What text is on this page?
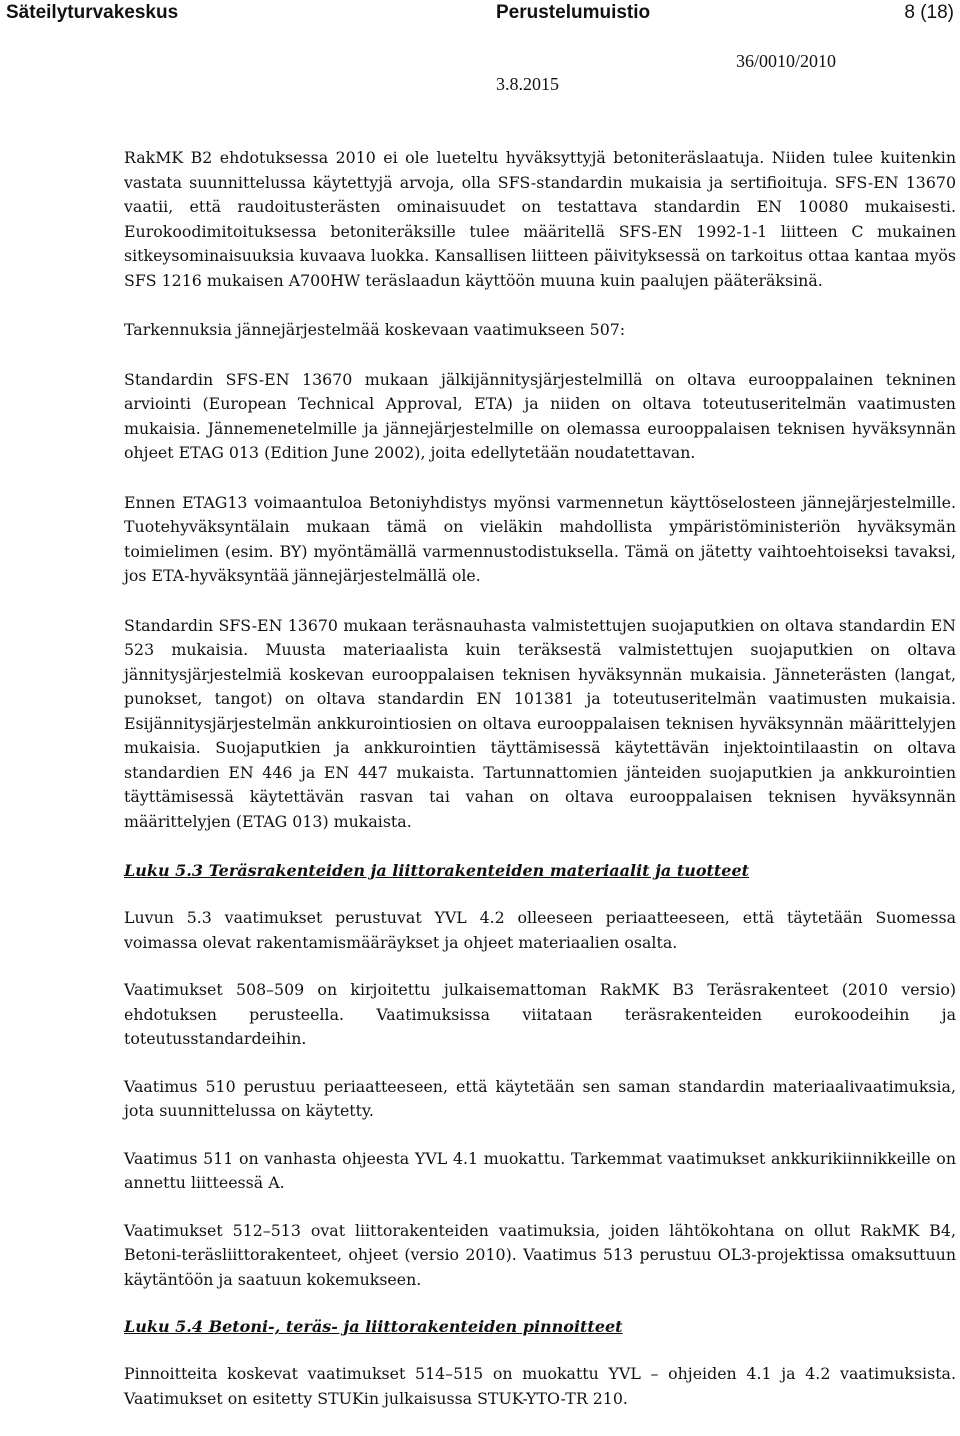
Säteilyturvakeskus	Perustelumuistio	8 (18)
36/0010/2010
3.8.2015

RakMK B2 ehdotuksessa 2010 ei ole lueteltu hyväksyttyjä betoniteräslaatuja. Niiden tulee kuitenkin vastata suunnittelussa käytettyjä arvoja, olla SFS-standardin mukaisia ja sertifioituja. SFS-EN 13670 vaatii, että raudoitusterästen ominaisuudet on testattava standardin EN 10080 mukaisesti. Eurokoodimitoituksessa betoniteräksille tulee määritellä SFS-EN 1992-1-1 liitteen C mukainen sitkeysominaisuuksia kuvaava luokka. Kansallisen liitteen päivityksessä on tarkoitus ottaa kantaa myös SFS 1216 mukaisen A700HW teräslaadun käyttöön muuna kuin paalujen pääteräksinä.

Tarkennuksia jännejärjestelmää koskevaan vaatimukseen 507:

Standardin SFS-EN 13670 mukaan jälkijännitysjärjestelmillä on oltava eurooppalainen tekninen arviointi (European Technical Approval, ETA) ja niiden on oltava toteutuseritelmän vaatimusten mukaisia. Jännemenetelmille ja jännejärjestelmille on olemassa eurooppalaisen teknisen hyväksynnän ohjeet ETAG 013 (Edition June 2002), joita edellytetään noudatettavan.

Ennen ETAG13 voimaantuloa Betoniyhdistys myönsi varmennetun käyttöselosteen jännejärjestelmille. Tuotehyväksyntälain mukaan tämä on vieläkin mahdollista ympäristöministeriön hyväksymän toimielimen (esim. BY) myöntämällä varmennustodistuksella. Tämä on jätetty vaihtoehtoiseksi tavaksi, jos ETA-hyväksyntää jännejärjestelmällä ole.

Standardin SFS-EN 13670 mukaan teräsnauhasta valmistettujen suojaputkien on oltava standardin EN 523 mukaisia. Muusta materiaalista kuin teräksestä valmistettujen suojaputkien on oltava jännitysjärjestelmiä koskevan eurooppalaisen teknisen hyväksynnän mukaisia. Jänneterästen (langat, punokset, tangot) on oltava standardin EN 101381 ja toteutuseritelmän vaatimusten mukaisia. Esijännitysjärjestelmän ankkurointiosien on oltava eurooppalaisen teknisen hyväksynnän määrittelyjen mukaisia. Suojaputkien ja ankkurointien täyttämisessä käytettävän injektointilaastin on oltava standardien EN 446 ja EN 447 mukaista. Tartunnattomien jänteiden suojaputkien ja ankkurointien täyttämisessä käytettävän rasvan tai vahan on oltava eurooppalaisen teknisen hyväksynnän määrittelyjen (ETAG 013) mukaista.

Luku 5.3 Teräsrakenteiden ja liittorakenteiden materiaalit ja tuotteet

Luvun 5.3 vaatimukset perustuvat YVL 4.2 olleeseen periaatteeseen, että täytetään Suomessa voimassa olevat rakentamismääräykset ja ohjeet materiaalien osalta.

Vaatimukset 508–509 on kirjoitettu julkaisemattoman RakMK B3 Teräsrakenteet (2010 versio) ehdotuksen perusteella. Vaatimuksissa viitataan teräsrakenteiden eurokoodeihin ja toteutusstandardeihin.

Vaatimus 510 perustuu periaatteeseen, että käytetään sen saman standardin materiaalivaatimuksia, jota suunnittelussa on käytetty.

Vaatimus 511 on vanhasta ohjeesta YVL 4.1 muokattu. Tarkemmat vaatimukset ankkurikiinnikkeille on annettu liitteessä A.

Vaatimukset 512–513 ovat liittorakenteiden vaatimuksia, joiden lähtökohtana on ollut RakMK B4, Betoni-teräsliittorakenteet, ohjeet (versio 2010). Vaatimus 513 perustuu OL3-projektissa omaksuttuun käytäntöön ja saatuun kokemukseen.

Luku 5.4 Betoni-, teräs- ja liittorakenteiden pinnoitteet

Pinnoitteita koskevat vaatimukset 514–515 on muokattu YVL – ohjeiden 4.1 ja 4.2 vaatimuksista. Vaatimukset on esitetty STUKin julkaisussa STUK-YTO-TR 210.
